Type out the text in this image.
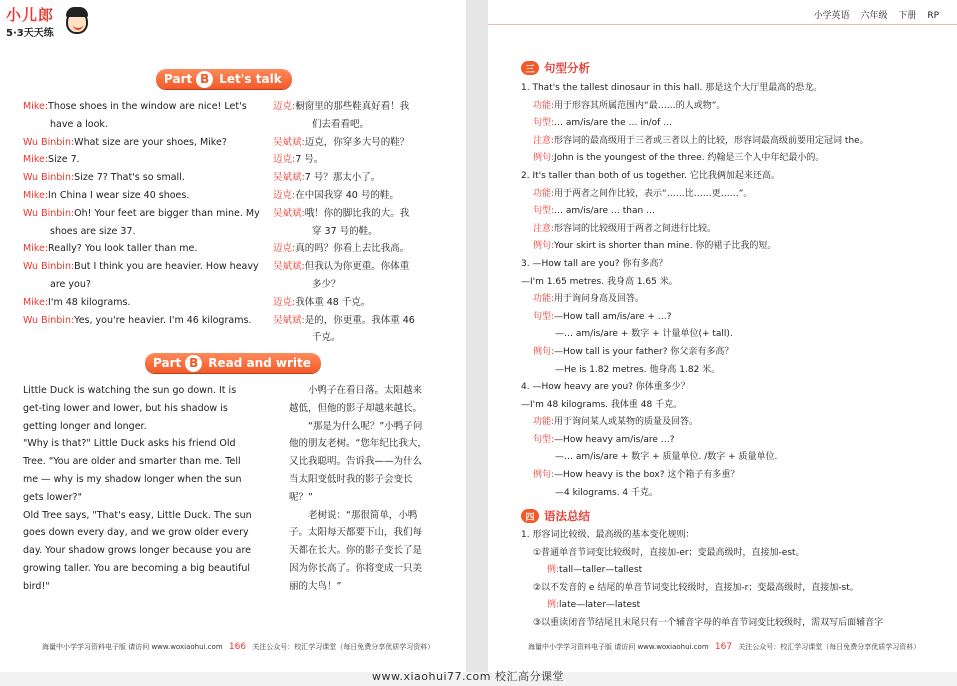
小儿郎
5·3天天练
Part B Let's talk
Mike:Those shoes in the window are nice! Let's
have a look.
Wu Binbin:What size are your shoes, Mike?
Mike:Size 7.
Wu Binbin:Size 7? That's so small.
Mike:In China I wear size 40 shoes.
Wu Binbin:Oh! Your feet are bigger than mine. My
shoes are size 37.
Mike:Really? You look taller than me.
Wu Binbin:But I think you are heavier. How heavy
are you?
Mike:I'm 48 kilograms.
Wu Binbin:Yes, you're heavier. I'm 46 kilograms.
迈克:橱窗里的那些鞋真好看！我
们去看看吧。
吴斌斌:迈克，你穿多大号的鞋？
迈克:7 号。
吴斌斌:7 号？那太小了。
迈克:在中国我穿 40 号的鞋。
吴斌斌:哦！你的脚比我的大。我
穿 37 号的鞋。
迈克:真的吗？你看上去比我高。
吴斌斌:但我认为你更重。你体重
多少？
迈克:我体重 48 千克。
吴斌斌:是的，你更重。我体重 46
千克。
Part B Read and write

Little Duck is watching the sun go down. It is get-ting lower and lower, but his shadow is getting longer and longer.

"Why is that?" Little Duck asks his friend Old Tree. "You are older and smarter than me. Tell me — why is my shadow longer when the sun gets lower?"

Old Tree says, "That's easy, Little Duck. The sun goes down every day, and we grow older every day. Your shadow grows longer because you are growing taller. You are becoming a big beautiful bird!"

小鸭子在看日落。太阳越来越低，但他的影子却越来越长。

“那是为什么呢？”小鸭子问他的朋友老树。“您年纪比我大，又比我聪明。告诉我——为什么当太阳变低时我的影子会变长呢？”

老树说：“那很简单，小鸭子。太阳每天都要下山，我们每天都在长大。你的影子变长了是因为你长高了。你将变成一只美丽的大鸟！”

海量中小学学习资料电子版 请访问 www.woxiaohui.com 166 关注公众号：校汇学习课堂（每日免费分享优质学习资料）
小学英语 六年级 下册 RP
三 句型分析
1. That's the tallest dinosaur in this hall. 那是这个大厅里最高的恐龙。
功能:用于形容其所属范围内“最……的人或物”。
句型:… am/is/are the … in/of …
注意:形容词的最高级用于三者或三者以上的比较，形容词最高级前要用定冠词 the。
例句:John is the youngest of the three. 约翰是三个人中年纪最小的。
2. It's taller than both of us together. 它比我俩加起来还高。
功能:用于两者之间作比较，表示“……比……更……”。
句型:… am/is/are … than …
注意:形容词的比较级用于两者之间进行比较。
例句:Your skirt is shorter than mine. 你的裙子比我的短。
3. —How tall are you? 你有多高？
—I'm 1.65 metres. 我身高 1.65 米。
功能:用于询问身高及回答。
句型:—How tall am/is/are + …?
—… am/is/are + 数字 + 计量单位(+ tall).
例句:—How tall is your father? 你父亲有多高？
—He is 1.82 metres. 他身高 1.82 米。
4. —How heavy are you? 你体重多少？
—I'm 48 kilograms. 我体重 48 千克。
功能:用于询问某人或某物的质量及回答。
句型:—How heavy am/is/are …?
—… am/is/are + 数字 + 质量单位. /数字 + 质量单位.
例句:—How heavy is the box? 这个箱子有多重？
—4 kilograms. 4 千克。
四 语法总结
1. 形容词比较级、最高级的基本变化规则：
①普通单音节词变比较级时，直接加-er；变最高级时，直接加-est。
例:tall—taller—tallest
②以不发音的 e 结尾的单音节词变比较级时，直接加-r；变最高级时，直接加-st。
例:late—later—latest
③以重读闭音节结尾且末尾只有一个辅音字母的单音节词变比较级时，需双写后面辅音字
海量中小学学习资料电子版 请访问 www.woxiaohui.com 167 关注公众号：校汇学习课堂（每日免费分享优质学习资料）
www.xiaohui77.com 校汇高分课堂
